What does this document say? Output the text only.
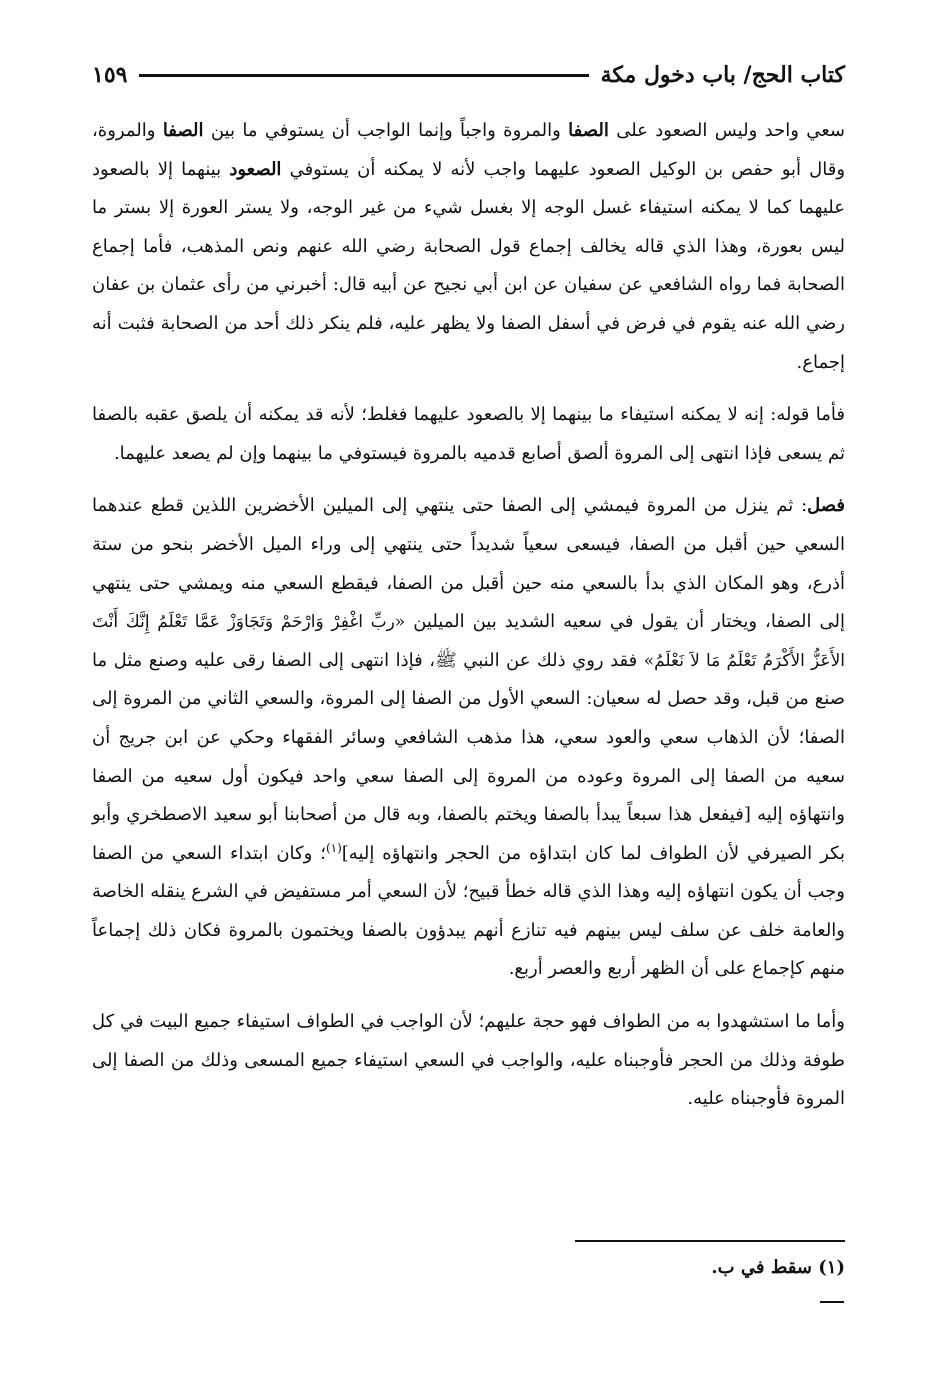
كتاب الحج/ باب دخول مكة
١٥٩

سعي واحد وليس الصعود على الصفا والمروة واجباً وإنما الواجب أن يستوفي ما بين الصفا والمروة، وقال أبو حفص بن الوكيل الصعود عليهما واجب لأنه لا يمكنه أن يستوفي الصعود بينهما إلا بالصعود عليهما كما لا يمكنه استيفاء غسل الوجه إلا بغسل شيء من غير الوجه، ولا يستر العورة إلا بستر ما ليس بعورة، وهذا الذي قاله يخالف إجماع قول الصحابة رضي الله عنهم ونص المذهب، فأما إجماع الصحابة فما رواه الشافعي عن سفيان عن ابن أبي نجيح عن أبيه قال: أخبرني من رأى عثمان بن عفان رضي الله عنه يقوم في فرض في أسفل الصفا ولا يظهر عليه، فلم ينكر ذلك أحد من الصحابة فثبت أنه إجماع.

فأما قوله: إنه لا يمكنه استيفاء ما بينهما إلا بالصعود عليهما فغلط؛ لأنه قد يمكنه أن يلصق عقبه بالصفا ثم يسعى فإذا انتهى إلى المروة ألصق أصابع قدميه بالمروة فيستوفي ما بينهما وإن لم يصعد عليهما.

فصل: ثم ينزل من المروة فيمشي إلى الصفا حتى ينتهي إلى الميلين الأخضرين اللذين قطع عندهما السعي حين أقبل من الصفا، فيسعى سعياً شديداً حتى ينتهي إلى وراء الميل الأخضر بنحو من ستة أذرع، وهو المكان الذي بدأ بالسعي منه حين أقبل من الصفا، فيقطع السعي منه ويمشي حتى ينتهي إلى الصفا، ويختار أن يقول في سعيه الشديد بين الميلين «ربِّ اغْفِرْ وَارْحَمْ وَتَجَاوَزْ عَمَّا تَعْلَمُ إِنَّكَ أَنْتَ الأَعَزُّ الأَكْرَمُ تَعْلَمُ مَا لاَ نَعْلَمُ» فقد روي ذلك عن النبي ﷺ، فإذا انتهى إلى الصفا رقى عليه وصنع مثل ما صنع من قبل، وقد حصل له سعيان: السعي الأول من الصفا إلى المروة، والسعي الثاني من المروة إلى الصفا؛ لأن الذهاب سعي والعود سعي، هذا مذهب الشافعي وسائر الفقهاء وحكي عن ابن جريج أن سعيه من الصفا إلى المروة وعوده من المروة إلى الصفا سعي واحد فيكون أول سعيه من الصفا وانتهاؤه إليه [فيفعل هذا سبعاً يبدأ بالصفا ويختم بالصفا، وبه قال من أصحابنا أبو سعيد الاصطخري وأبو بكر الصيرفي لأن الطواف لما كان ابتداؤه من الحجر وانتهاؤه إليه]$^{(١)}$؛ وكان ابتداء السعي من الصفا وجب أن يكون انتهاؤه إليه وهذا الذي قاله خطأ قبيح؛ لأن السعي أمر مستفيض في الشرع ينقله الخاصة والعامة خلف عن سلف ليس بينهم فيه تنازع أنهم يبدؤون بالصفا ويختمون بالمروة فكان ذلك إجماعاً منهم كإجماع على أن الظهر أربع والعصر أربع.

وأما ما استشهدوا به من الطواف فهو حجة عليهم؛ لأن الواجب في الطواف استيفاء جميع البيت في كل طوفة وذلك من الحجر فأوجبناه عليه، والواجب في السعي استيفاء جميع المسعى وذلك من الصفا إلى المروة فأوجبناه عليه.

(١) سقط في ب.
